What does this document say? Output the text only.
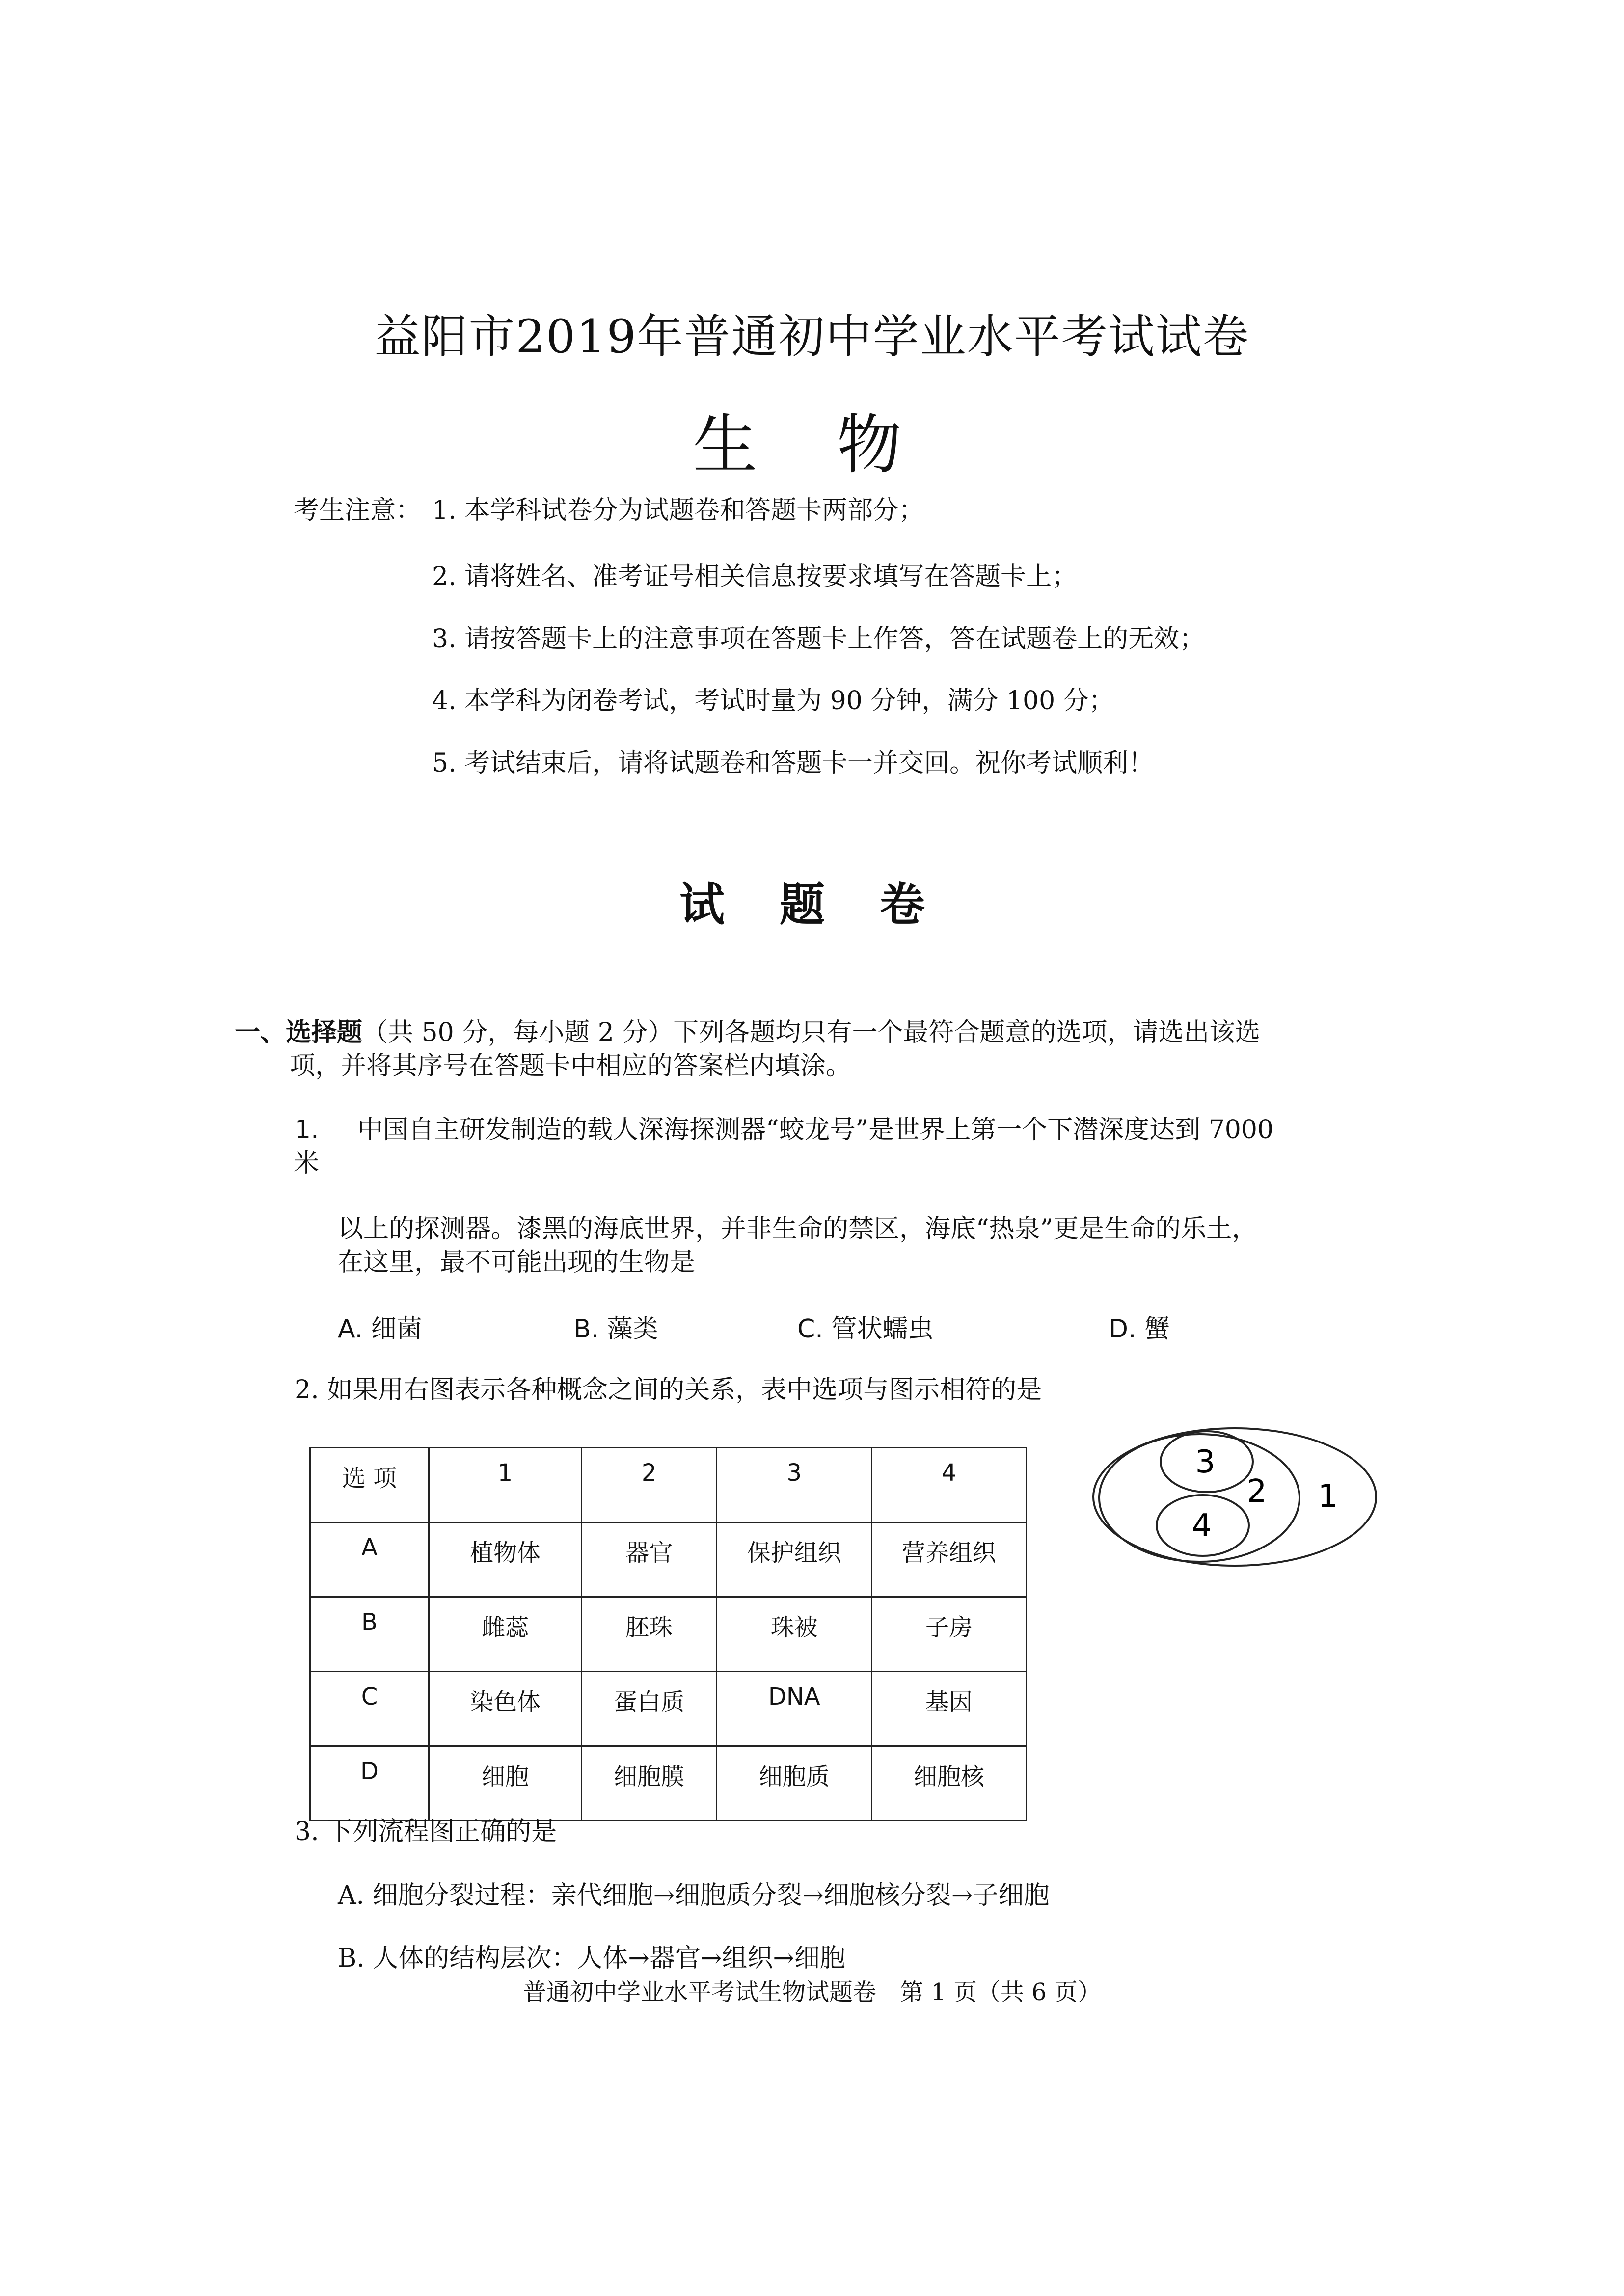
益阳市2019年普通初中学业水平考试试卷
生 物
考生注意： 1. 本学科试卷分为试题卷和答题卡两部分；
2. 请将姓名、准考证号相关信息按要求填写在答题卡上；
3. 请按答题卡上的注意事项在答题卡上作答，答在试题卷上的无效；
4. 本学科为闭卷考试，考试时量为 90 分钟，满分 100 分；
5. 考试结束后，请将试题卷和答题卡一并交回。祝你考试顺利！
试 题 卷
一、选择题（共 50 分，每小题 2 分）下列各题均只有一个最符合题意的选项，请选出该选
项，并将其序号在答题卡中相应的答案栏内填涂。
1. 中国自主研发制造的载人深海探测器“蛟龙号”是世界上第一个下潜深度达到 7000
米
以上的探测器。漆黑的海底世界，并非生命的禁区，海底“热泉”更是生命的乐土，
在这里，最不可能出现的生物是
A. 细菌	B. 藻类	C. 管状蠕虫	D. 蟹
2. 如果用右图表示各种概念之间的关系，表中选项与图示相符的是
选 项	1	2	3	4
A	植物体	器官	保护组织	营养组织
B	雌蕊	胚珠	珠被	子房
C	染色体	蛋白质	DNA	基因
D	细胞	细胞膜	细胞质	细胞核
1
2
3
4
3. 下列流程图正确的是
A. 细胞分裂过程：亲代细胞→细胞质分裂→细胞核分裂→子细胞
B. 人体的结构层次：人体→器官→组织→细胞
普通初中学业水平考试生物试题卷　第 1 页（共 6 页）
